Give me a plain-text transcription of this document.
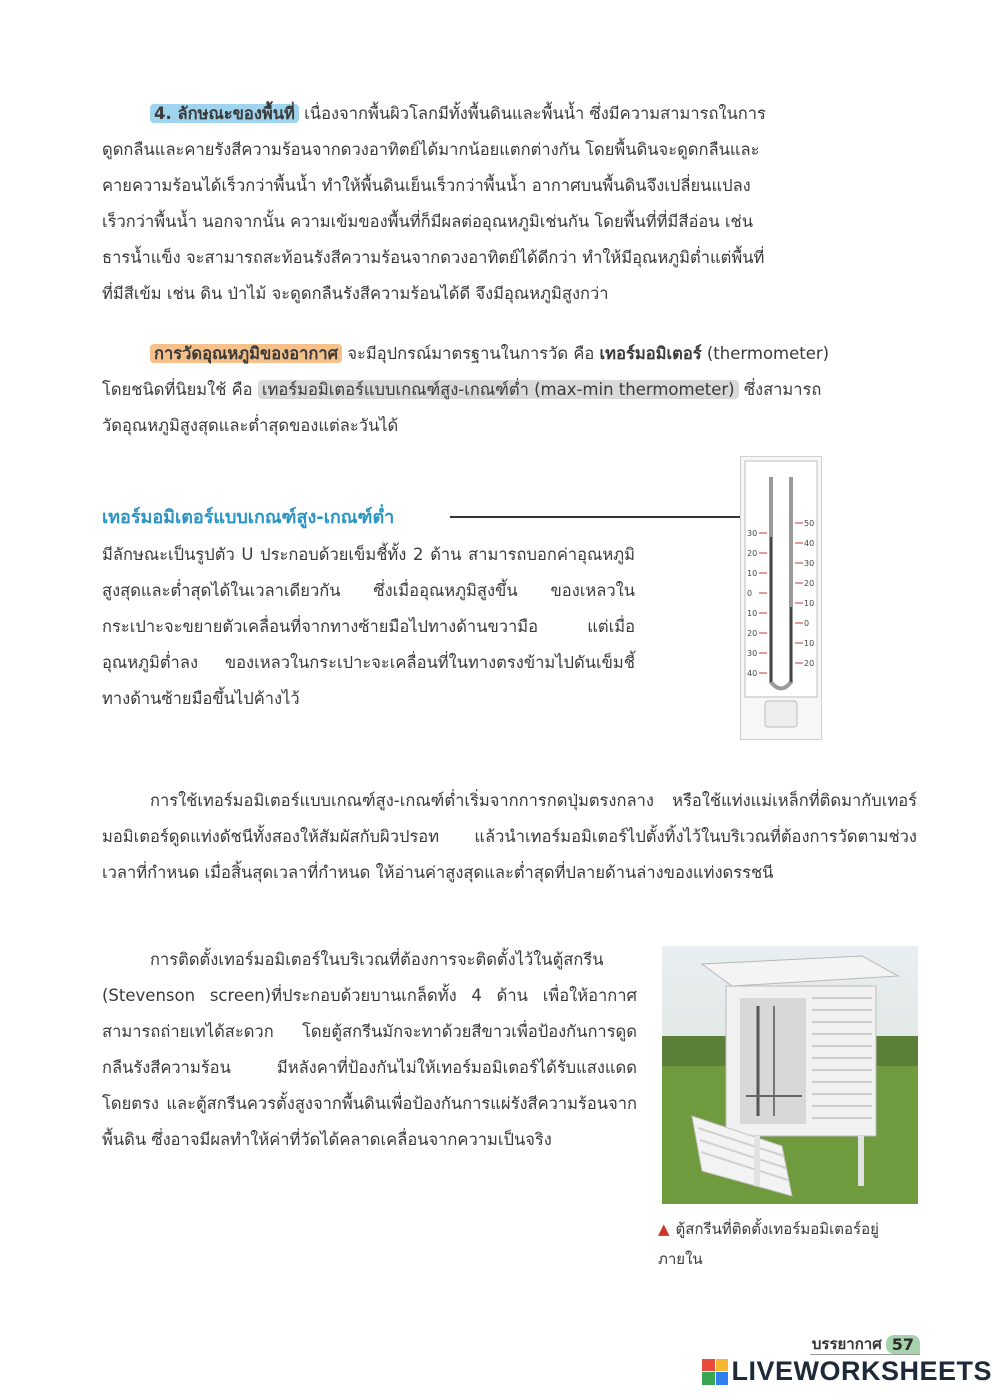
4. ลักษณะของพื้นที่ เนื่องจากพื้นผิวโลกมีทั้งพื้นดินและพื้นน้ำ ซึ่งมีความสามารถในการ
ดูดกลืนและคายรังสีความร้อนจากดวงอาทิตย์ได้มากน้อยแตกต่างกัน โดยพื้นดินจะดูดกลืนและ
คายความร้อนได้เร็วกว่าพื้นน้ำ ทำให้พื้นดินเย็นเร็วกว่าพื้นน้ำ อากาศบนพื้นดินจึงเปลี่ยนแปลง
เร็วกว่าพื้นน้ำ นอกจากนั้น ความเข้มของพื้นที่ก็มีผลต่ออุณหภูมิเช่นกัน โดยพื้นที่ที่มีสีอ่อน เช่น
ธารน้ำแข็ง จะสามารถสะท้อนรังสีความร้อนจากดวงอาทิตย์ได้ดีกว่า ทำให้มีอุณหภูมิต่ำแต่พื้นที่
ที่มีสีเข้ม เช่น ดิน ป่าไม้ จะดูดกลืนรังสีความร้อนได้ดี จึงมีอุณหภูมิสูงกว่า
การวัดอุณหภูมิของอากาศ จะมีอุปกรณ์มาตรฐานในการวัด คือ เทอร์มอมิเตอร์ (thermometer)
โดยชนิดที่นิยมใช้ คือ เทอร์มอมิเตอร์แบบเกณฑ์สูง-เกณฑ์ต่ำ (max-min thermometer) ซึ่งสามารถ
วัดอุณหภูมิสูงสุดและต่ำสุดของแต่ละวันได้
เทอร์มอมิเตอร์แบบเกณฑ์สูง-เกณฑ์ต่ำ
มีลักษณะเป็นรูปตัว U ประกอบด้วยเข็มชี้ทั้ง 2 ด้าน สามารถบอกค่าอุณหภูมิสูงสุดและต่ำสุดได้ในเวลาเดียวกัน ซึ่งเมื่ออุณหภูมิสูงขึ้น ของเหลวในกระเปาะจะขยายตัวเคลื่อนที่จากทางซ้ายมือไปทางด้านขวามือ แต่เมื่ออุณหภูมิต่ำลง ของเหลวในกระเปาะจะเคลื่อนที่ในทางตรงข้ามไปดันเข็มชี้ทางด้านซ้ายมือขึ้นไปค้างไว้
30
20
10
0
10
20
30
40
50
40
30
20
10
0
10
20
การใช้เทอร์มอมิเตอร์แบบเกณฑ์สูง-เกณฑ์ต่ำเริ่มจากการกดปุ่มตรงกลาง หรือใช้แท่งแม่เหล็กที่ติดมากับเทอร์มอมิเตอร์ดูดแท่งดัชนีทั้งสองให้สัมผัสกับผิวปรอท แล้วนำเทอร์มอมิเตอร์ไปตั้งทิ้งไว้ในบริเวณที่ต้องการวัดตามช่วงเวลาที่กำหนด เมื่อสิ้นสุดเวลาที่กำหนด ให้อ่านค่าสูงสุดและต่ำสุดที่ปลายด้านล่างของแท่งดรรชนี
การติดตั้งเทอร์มอมิเตอร์ในบริเวณที่ต้องการจะติดตั้งไว้ในตู้สกรีน (Stevenson screen)ที่ประกอบด้วยบานเกล็ดทั้ง 4 ด้าน เพื่อให้อากาศสามารถถ่ายเทได้สะดวก โดยตู้สกรีนมักจะทาด้วยสีขาวเพื่อป้องกันการดูดกลืนรังสีความร้อน มีหลังคาที่ป้องกันไม่ให้เทอร์มอมิเตอร์ได้รับแสงแดดโดยตรง และตู้สกรีนควรตั้งสูงจากพื้นดินเพื่อป้องกันการแผ่รังสีความร้อนจากพื้นดิน ซึ่งอาจมีผลทำให้ค่าที่วัดได้คลาดเคลื่อนจากความเป็นจริง
▲ ตู้สกรีนที่ติดตั้งเทอร์มอมิเตอร์อยู่ภายใน
บรรยากาศ 57
LIVEWORKSHEETS
